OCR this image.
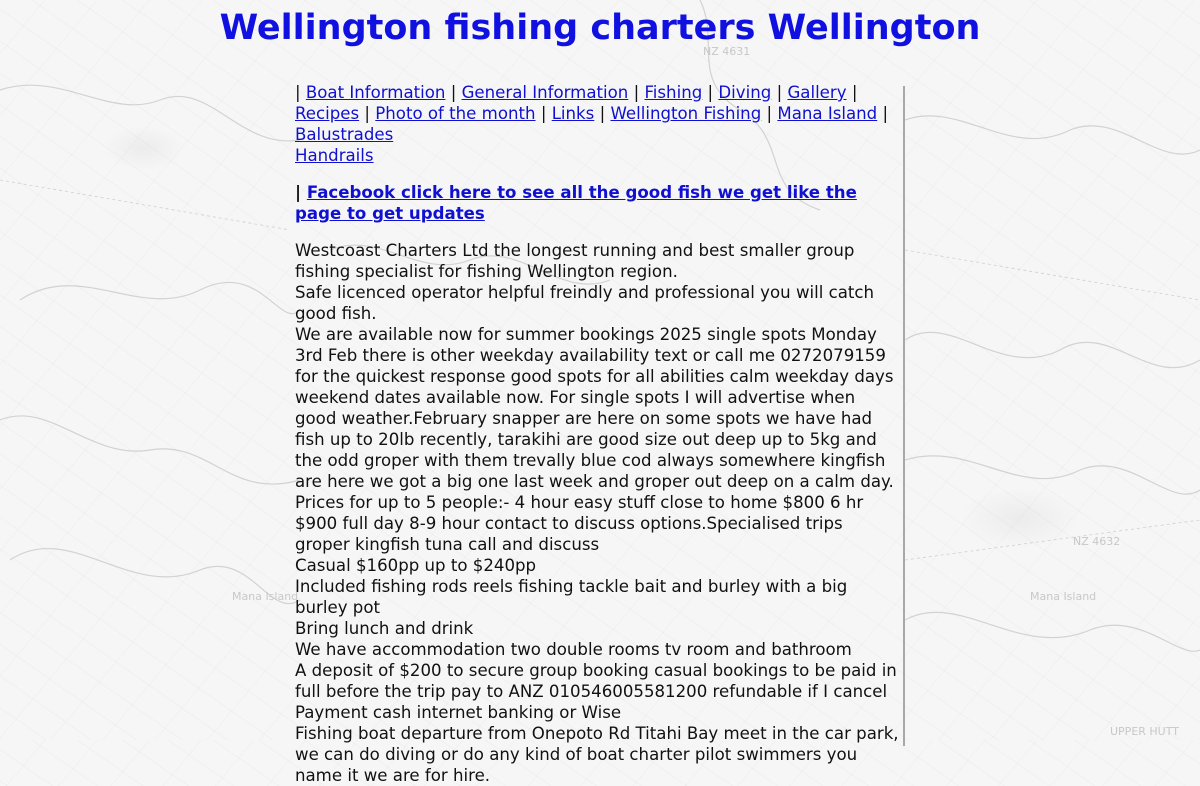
NZ 4631
NZ 4632
Mana Island	Mana Island
UPPER HUTT
Wellington fishing charters Wellington
| Boat Information | General Information | Fishing | Diving | Gallery | Recipes | Photo of the month | Links | Wellington Fishing | Mana Island | Balustrades
Handrails
| Facebook click here to see all the good fish we get like the page to get updates
Westcoast Charters Ltd the longest running and best smaller group fishing specialist for fishing Wellington region.
Safe licenced operator helpful freindly and professional you will catch good fish.
We are available now for summer bookings 2025 single spots Monday 3rd Feb there is other weekday availability text or call me 0272079159 for the quickest response good spots for all abilities calm weekday days weekend dates available now. For single spots I will advertise when good weather.February snapper are here on some spots we have had fish up to 20lb recently, tarakihi are good size out deep up to 5kg and the odd groper with them trevally blue cod always somewhere kingfish are here we got a big one last week and groper out deep on a calm day.
Prices for up to 5 people:- 4 hour easy stuff close to home $800 6 hr $900 full day 8-9 hour contact to discuss options.Specialised trips groper kingfish tuna call and discuss
Casual $160pp up to $240pp
Included fishing rods reels fishing tackle bait and burley with a big burley pot
Bring lunch and drink
We have accommodation two double rooms tv room and bathroom
A deposit of $200 to secure group booking casual bookings to be paid in full before the trip pay to ANZ 010546005581200 refundable if I cancel
Payment cash internet banking or Wise
Fishing boat departure from Onepoto Rd Titahi Bay meet in the car park, we can do diving or do any kind of boat charter pilot swimmers you name it we are for hire.
